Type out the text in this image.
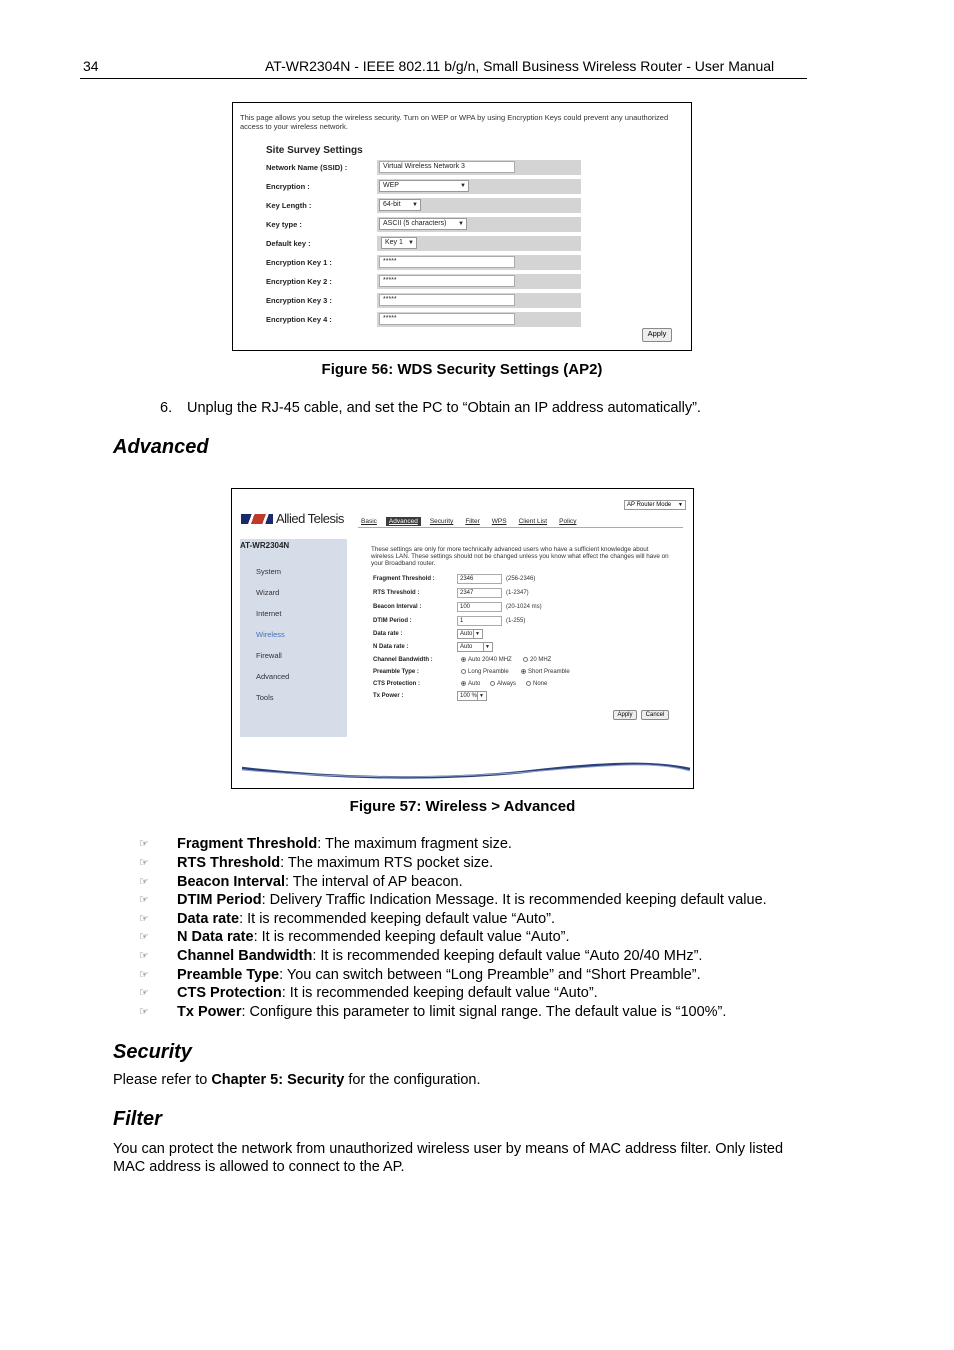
34	AT-WR2304N - IEEE 802.11 b/g/n, Small Business Wireless Router - User Manual
This page allows you setup the wireless security. Turn on WEP or WPA by using Encryption Keys could prevent any unauthorized access to your wireless network.
Site Survey Settings
Network Name (SSID) :	Virtual Wireless Network 3
Encryption :	WEP	▼
Key Length :	64-bit ▼
Key type :	ASCII (5 characters) ▼
Default key :	Key 1 ▼
Encryption Key 1 :	*****
Encryption Key 2 :	*****
Encryption Key 3 :	*****
Encryption Key 4 :	*****
Apply
Figure 56: WDS Security Settings (AP2)
6. Unplug the RJ-45 cable, and set the PC to “Obtain an IP address automatically”.
Advanced
Allied Telesis
AP Router Mode ▼
Basic	Advanced	Security	Filter	WPS	Client List	Policy
System
Wizard
Internet
Wireless
Firewall
Advanced
Tools
AT-WR2304N	These settings are only for more technically advanced users who have a sufficient knowledge about wireless LAN. These settings should not be changed unless you know what effect the changes will have on your Broadband router.
Fragment Threshold :	2346	(256-2346)
RTS Threshold :	2347	(1-2347)
Beacon Interval :	100	(20-1024 ms)
DTIM Period :	1	(1-255)
Data rate :	Auto ▼
N Data rate :	Auto	▼
Channel Bandwidth :	Auto 20/40 MHZ	20 MHZ
Preamble Type :	Long Preamble	Short Preamble
CTS Protection :	Auto	Always	None
Tx Power :	100 % ▼
Apply	Cancel
Figure 57: Wireless > Advanced
☞ Fragment Threshold: The maximum fragment size.
☞ RTS Threshold: The maximum RTS pocket size.
☞ Beacon Interval: The interval of AP beacon.
☞ DTIM Period: Delivery Traffic Indication Message. It is recommended keeping default value.
☞ Data rate: It is recommended keeping default value “Auto”.
☞ N Data rate: It is recommended keeping default value “Auto”.
☞ Channel Bandwidth: It is recommended keeping default value “Auto 20/40 MHz”.
☞ Preamble Type: You can switch between “Long Preamble” and “Short Preamble”.
☞ CTS Protection: It is recommended keeping default value “Auto”.
☞ Tx Power: Configure this parameter to limit signal range. The default value is “100%”.
Security
Please refer to Chapter 5: Security for the configuration.
Filter
You can protect the network from unauthorized wireless user by means of MAC address filter. Only listed
MAC address is allowed to connect to the AP.
